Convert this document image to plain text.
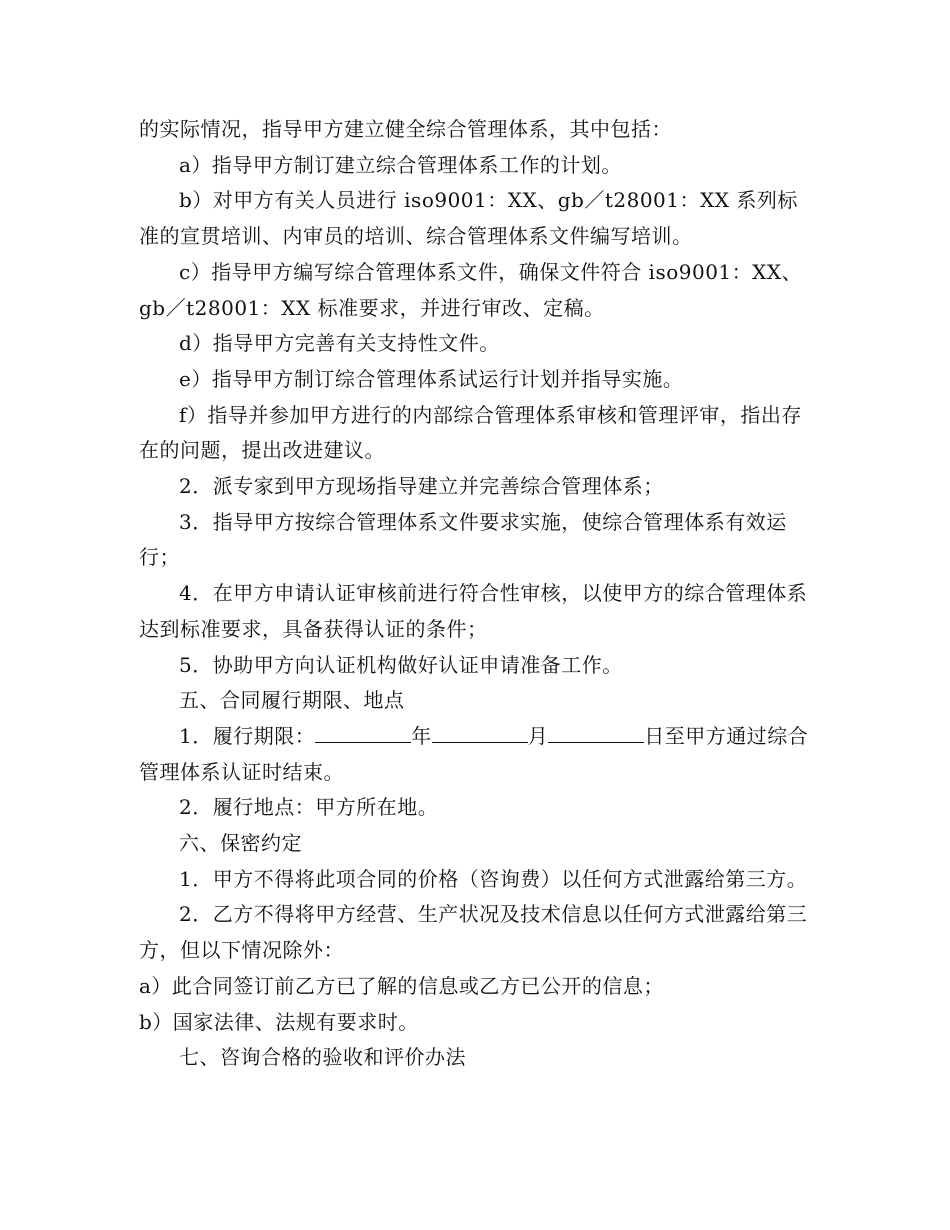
的实际情况，指导甲方建立健全综合管理体系，其中包括：

a）指导甲方制订建立综合管理体系工作的计划。

b）对甲方有关人员进行 iso9001：XX、gb／t28001：XX 系列标准的宣贯培训、内审员的培训、综合管理体系文件编写培训。

c）指导甲方编写综合管理体系文件，确保文件符合 iso9001：XX、gb／t28001：XX 标准要求，并进行审改、定稿。

d）指导甲方完善有关支持性文件。

e）指导甲方制订综合管理体系试运行计划并指导实施。

f）指导并参加甲方进行的内部综合管理体系审核和管理评审，指出存在的问题，提出改进建议。

2．派专家到甲方现场指导建立并完善综合管理体系；

3．指导甲方按综合管理体系文件要求实施，使综合管理体系有效运行；

4．在甲方申请认证审核前进行符合性审核，以使甲方的综合管理体系达到标准要求，具备获得认证的条件；

5．协助甲方向认证机构做好认证申请准备工作。

五、合同履行期限、地点

1．履行期限：	年	月	日至甲方通过综合管理体系认证时结束。

2．履行地点：甲方所在地。

六、保密约定

1．甲方不得将此项合同的价格（咨询费）以任何方式泄露给第三方。

2．乙方不得将甲方经营、生产状况及技术信息以任何方式泄露给第三方，但以下情况除外：

a）此合同签订前乙方已了解的信息或乙方已公开的信息；

b）国家法律、法规有要求时。

七、咨询合格的验收和评价办法
